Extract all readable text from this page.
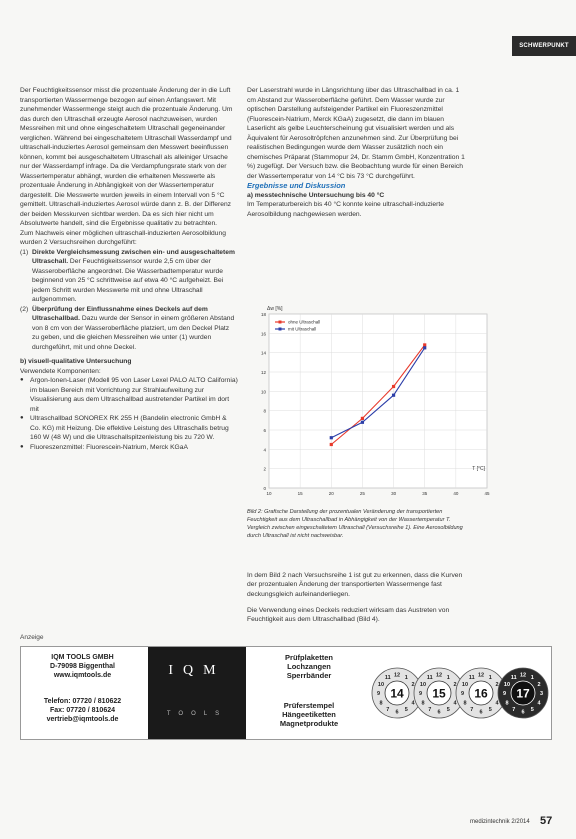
SCHWERPUNKT

Der Feuchtigkeitssensor misst die prozentuale Änderung der in die Luft transportierten Wassermenge bezogen auf einen Anfangswert. Mit zunehmender Wassermenge steigt auch die prozentuale Änderung. Um das durch den Ultraschall erzeugte Aerosol nachzuweisen, wurden Messreihen mit und ohne eingeschaltetem Ultraschall gegeneinander verglichen. Während bei eingeschaltetem Ultraschall Wasserdampf und ultraschall-induziertes Aerosol gemeinsam den Messwert beeinflussen können, kommt bei ausgeschaltetem Ultraschall als alleiniger Ursache nur der Wasserdampf infrage. Da die Verdampfungsrate stark von der Wassertemperatur abhängt, wurden die erhaltenen Messwerte als prozentuale Änderung in Abhängigkeit von der Wassertemperatur dargestellt. Die Messwerte wurden jeweils in einem Intervall von 5 °C gemittelt. Ultraschall-induziertes Aerosol würde dann z. B. der Differenz der beiden Messkurven sichtbar werden. Da es sich hier nicht um Absolutwerte handelt, sind die Ergebnisse qualitativ zu betrachten.

Zum Nachweis einer möglichen ultraschall-induzierten Aerosolbildung wurden 2 Versuchsreihen durchgeführt:

(1) Direkte Vergleichsmessung zwischen ein- und ausgeschaltetem Ultraschall. Der Feuchtigkeitssensor wurde 2,5 cm über der Wasseroberfläche angeordnet. Die Wasserbadtemperatur wurde beginnend von 25 °C schrittweise auf etwa 40 °C aufgeheizt. Bei jedem Schritt wurden Messwerte mit und ohne Ultraschall aufgenommen.
(2) Überprüfung der Einflussnahme eines Deckels auf dem Ultraschallbad. Dazu wurde der Sensor in einem größeren Abstand von 8 cm von der Wasseroberfläche platziert, um den Deckel Platz zu geben, und die gleichen Messreihen wie unter (1) wurden durchgeführt, mit und ohne Deckel.

b) visuell-qualitative Untersuchung

Verwendete Komponenten:

● Argon-Ionen-Laser (Modell 95 von Laser Lexel PALO ALTO California) im blauen Bereich mit Vorrichtung zur Strahlaufweitung zur Visualisierung aus dem Ultraschallbad austretender Partikel im dort mit
● Ultraschallbad SONOREX RK 255 H (Bandelin electronic GmbH & Co. KG) mit Heizung. Die effektive Leistung des Ultraschalls betrug 160 W (48 W) und die Ultraschallspitzenleistung bis zu 720 W.
● Fluoreszenzmittel: Fluorescein-Natrium, Merck KGaA

Der Laserstrahl wurde in Längsrichtung über das Ultraschallbad in ca. 1 cm Abstand zur Wasseroberfläche geführt. Dem Wasser wurde zur optischen Darstellung aufsteigender Partikel ein Fluoreszenzmittel (Fluorescein-Natrium, Merck KGaA) zugesetzt, die dann im blauen Laserlicht als gelbe Leuchterscheinung gut visualisiert werden und als Äquivalent für Aerosoltröpfchen anzunehmen sind. Zur Überprüfung bei realistischen Bedingungen wurde dem Wasser zusätzlich noch ein chemisches Präparat (Stammopur 24, Dr. Stamm GmbH, Konzentration 1 %) zugefügt. Der Versuch bzw. die Beobachtung wurde für einen Bereich der Wassertemperatur von 14 °C bis 73 °C durchgeführt.

Ergebnisse und Diskussion

a) messtechnische Untersuchung bis 40 °C

Im Temperaturbereich bis 40 °C konnte keine ultraschall-induzierte Aerosolbildung nachgewiesen werden.

0
2
4
6
8
10
12
14
16
18
10	15	20	25	30	35	40	45
Δw [%]
T [°C]
ohne Ultraschall
mit Ultraschall
Bild 2: Grafische Darstellung der prozentualen Veränderung der transportierten Feuchtigkeit aus dem Ultraschallbad in Abhängigkeit von der Wassertemperatur T. Vergleich zwischen eingeschaltetem Ultraschall (Versuchsreihe 1). Eine Aerosolbildung durch Ultraschall ist nicht nachweisbar.

In dem Bild 2 nach Versuchsreihe 1 ist gut zu erkennen, dass die Kurven der prozentualen Änderung der transportierten Wassermenge fast deckungsgleich aufeinanderliegen.

Die Verwendung eines Deckels reduziert wirksam das Austreten von Feuchtigkeit aus dem Ultraschallbad (Bild 4).

Anzeige
IQM TOOLS GMBH
D-79098 Biggenthal
www.iqmtools.de
Telefon: 07720 / 810622
Fax: 07720 / 810624
vertrieb@iqmtools.de
IQM
TOOLS
Prüfplaketten
Lochzangen
Sperrbänder
Prüferstempel
Hängeetiketten
Magnetprodukte
1
2
4
5
6
7
8
9
10
11 12
14
1
2
4
5
6
7
8
9
10
11 12
15
1
2
4
5
6
7
8
9
10
11 12
16
1
2
3
4
5
6
7
8
9
10
11 12
17
medizintechnik 2/2014 57
